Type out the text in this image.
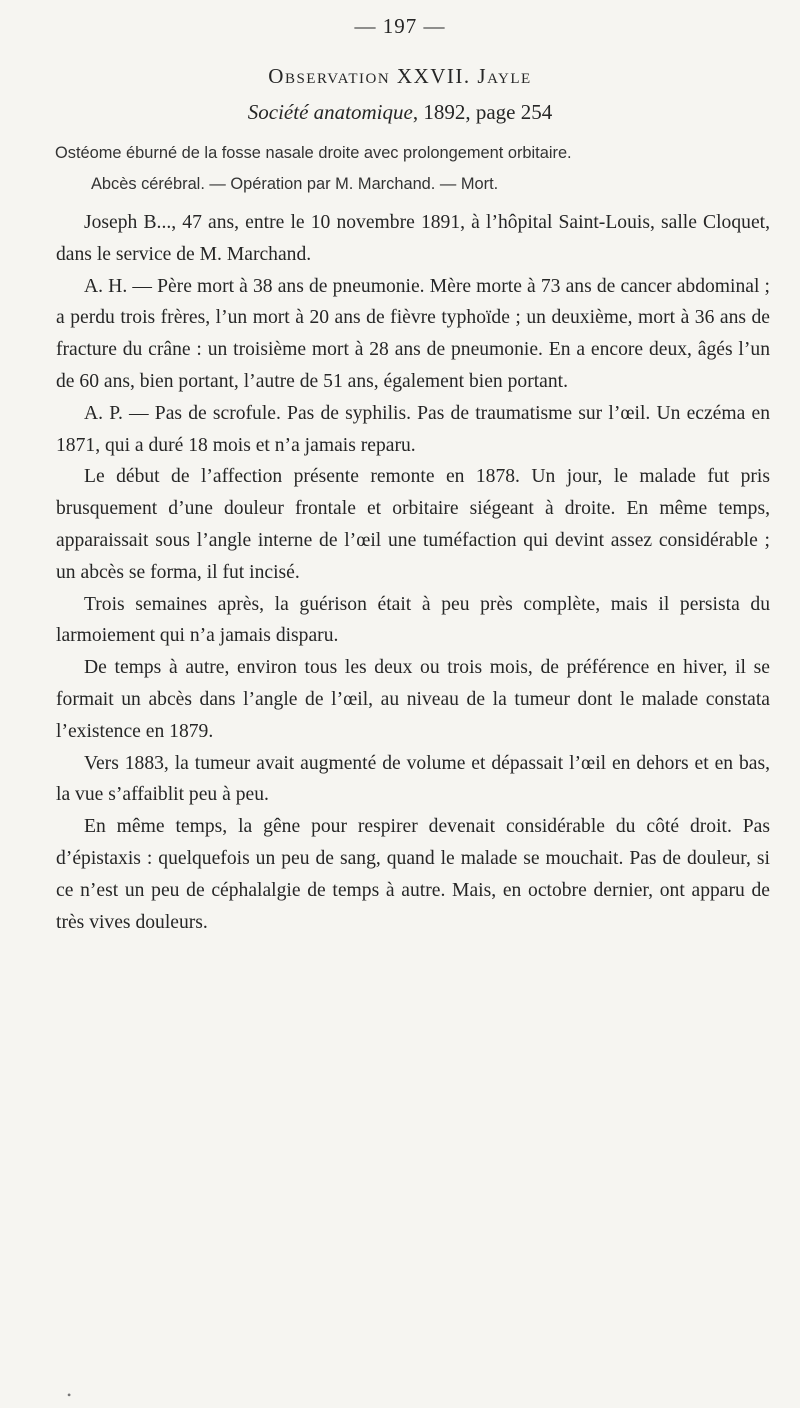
— 197 —
Observation XXVII. Jayle
Société anatomique, 1892, page 254

Ostéome éburné de la fosse nasale droite avec prolongement orbitaire.

Abcès cérébral. — Opération par M. Marchand. — Mort.

Joseph B..., 47 ans, entre le 10 novembre 1891, à l’hôpital Saint-Louis, salle Cloquet, dans le service de M. Marchand.

A. H. — Père mort à 38 ans de pneumonie. Mère morte à 73 ans de cancer abdominal ; a perdu trois frères, l’un mort à 20 ans de fièvre typhoïde ; un deuxième, mort à 36 ans de fracture du crâne : un troisième mort à 28 ans de pneumonie. En a encore deux, âgés l’un de 60 ans, bien portant, l’autre de 51 ans, également bien portant.

A. P. — Pas de scrofule. Pas de syphilis. Pas de traumatisme sur l’œil. Un eczéma en 1871, qui a duré 18 mois et n’a jamais reparu.

Le début de l’affection présente remonte en 1878. Un jour, le malade fut pris brusquement d’une douleur frontale et orbitaire siégeant à droite. En même temps, apparaissait sous l’angle interne de l’œil une tuméfaction qui devint assez considérable ; un abcès se forma, il fut incisé.

Trois semaines après, la guérison était à peu près complète, mais il persista du larmoiement qui n’a jamais disparu.

De temps à autre, environ tous les deux ou trois mois, de préférence en hiver, il se formait un abcès dans l’angle de l’œil, au niveau de la tumeur dont le malade constata l’existence en 1879.

Vers 1883, la tumeur avait augmenté de volume et dépassait l’œil en dehors et en bas, la vue s’affaiblit peu à peu.

En même temps, la gêne pour respirer devenait considérable du côté droit. Pas d’épistaxis : quelquefois un peu de sang, quand le malade se mouchait. Pas de douleur, si ce n’est un peu de céphalalgie de temps à autre. Mais, en octobre dernier, ont apparu de très vives douleurs.

•
